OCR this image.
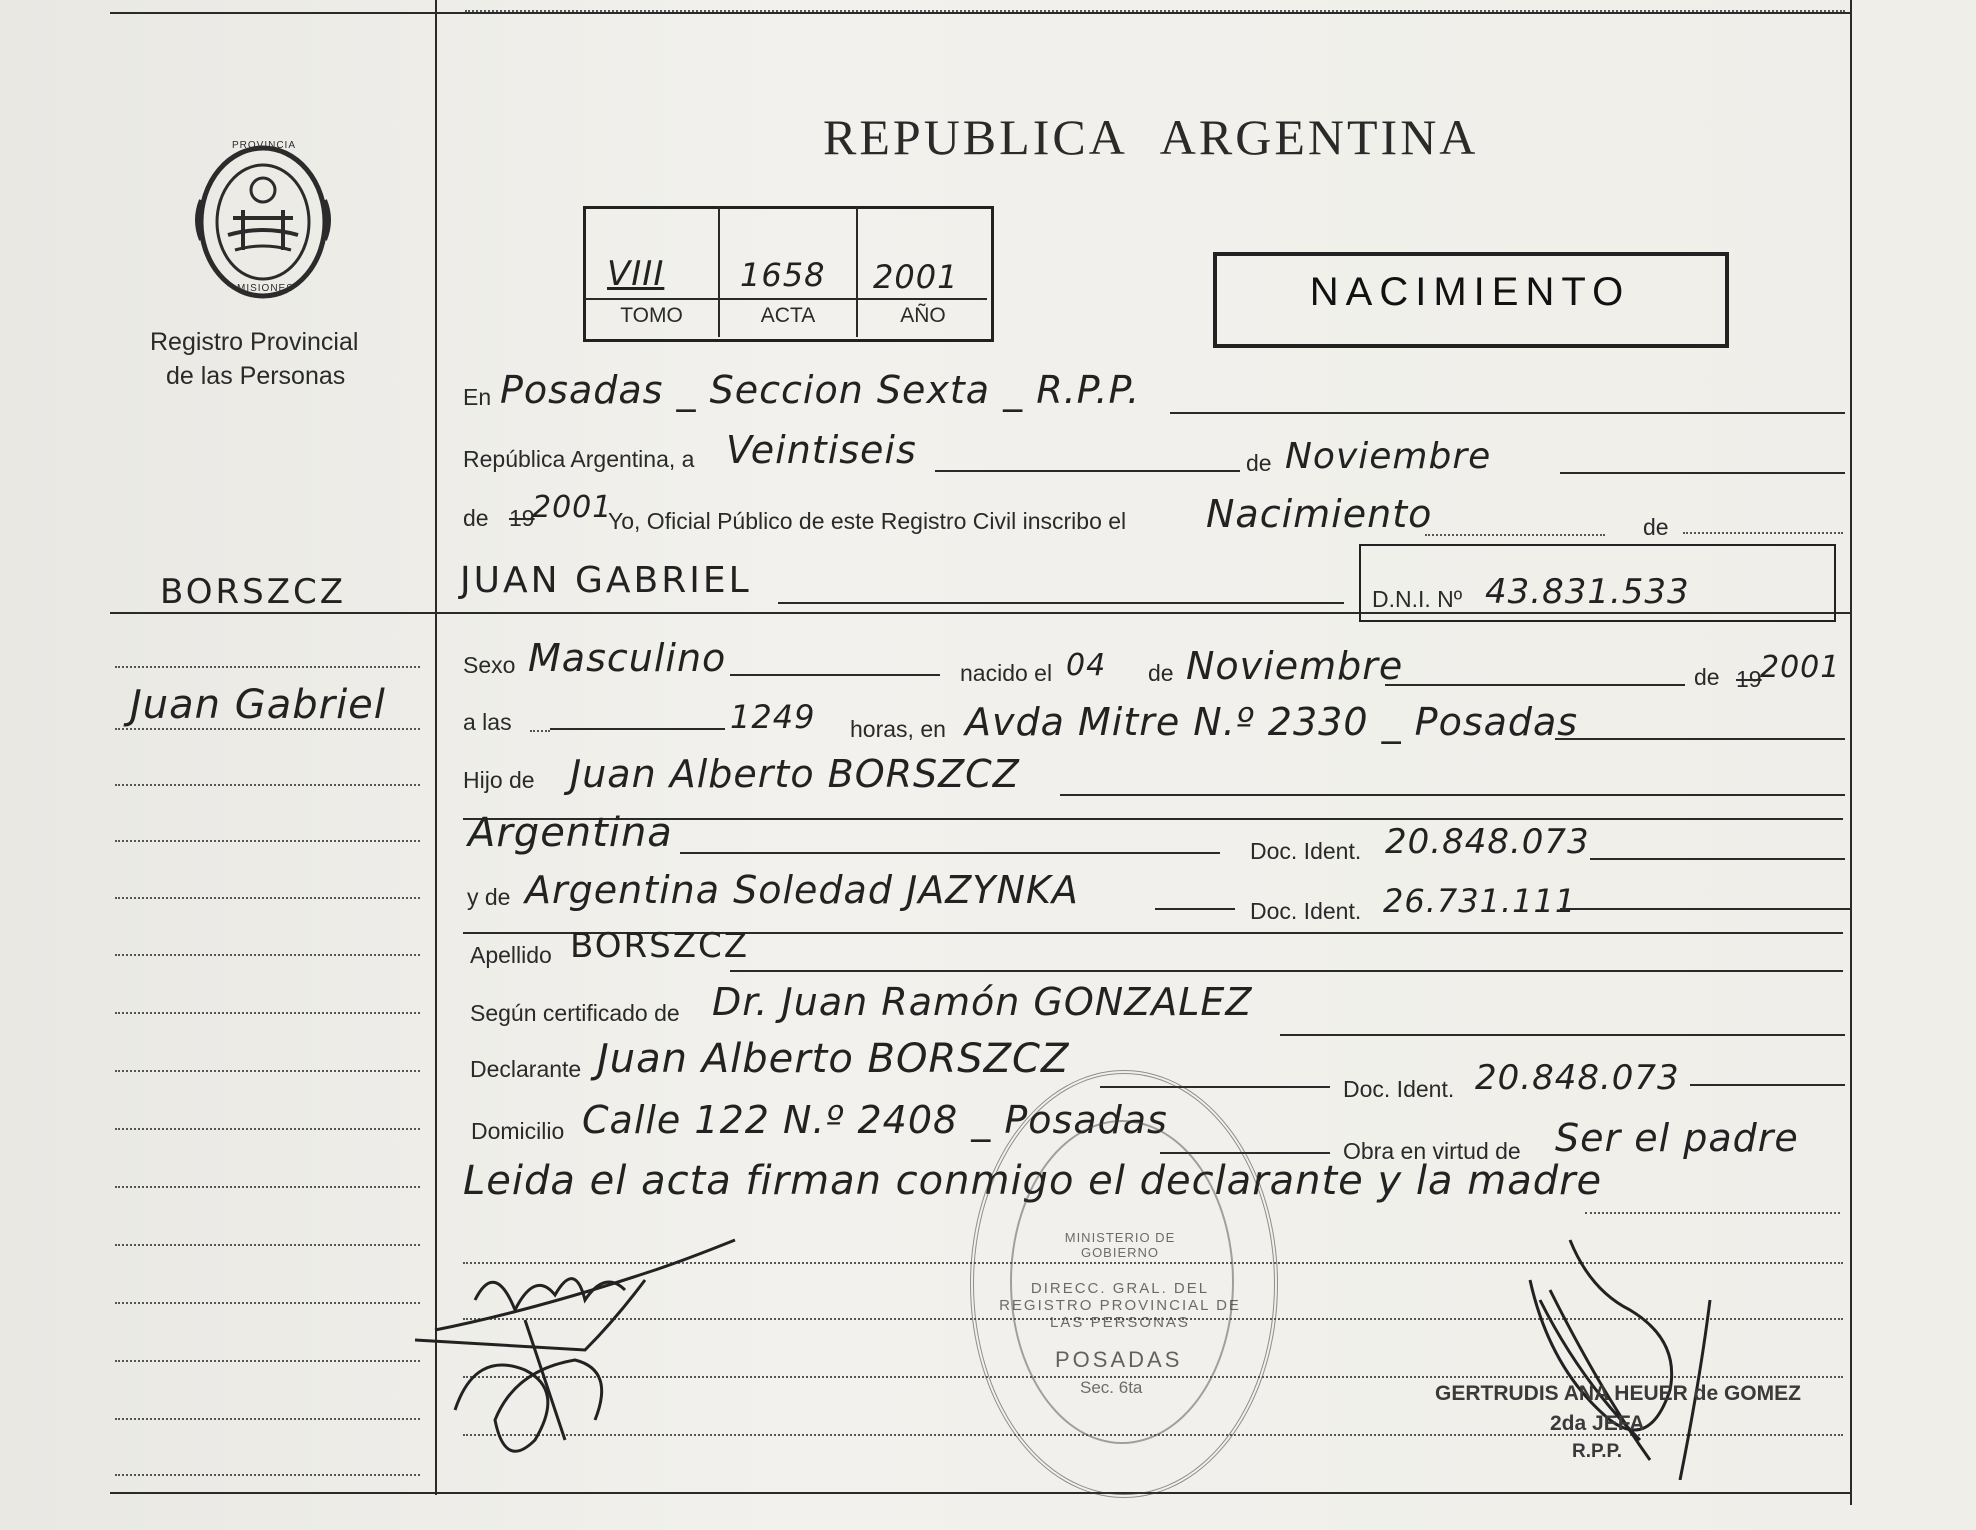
REPUBLICA ARGENTINA
PROVINCIA
MISIONES
Registro Provincial
de las Personas
VIII 1658 2001
TOMO	ACTA	AÑO
NACIMIENTO
BORSZCZ
Juan Gabriel
En Posadas _ Seccion Sexta _ R.P.P.
República Argentina, a Veintiseis	de Noviembre
de 19
2001
Yo, Oficial Público de este Registro Civil inscribo el Nacimiento	de
JUAN GABRIEL	D.N.I. Nº 43.831.533
Sexo Masculino	nacido el 04 de Noviembre	de 19
2001
a las	1249 horas, en Avda Mitre N.º 2330 _ Posadas
Hijo de Juan Alberto BORSZCZ
Argentina	Doc. Ident. 20.848.073
y de Argentina Soledad JAZYNKA	Doc. Ident. 26.731.111
Apellido BORSZCZ
Según certificado de Dr. Juan Ramón GONZALEZ
Declarante Juan Alberto BORSZCZ
Doc. Ident. 20.848.073
Domicilio Calle 122 N.º 2408 _ Posadas
Obra en virtud de Ser el padre
Leida el acta firman conmigo el declarante y la madre
DIRECC. GRAL. DEL REGISTRO PROVINCIAL DE LAS PERSONAS
MINISTERIO DE GOBIERNO
POSADAS
Sec. 6ta	GERTRUDIS ANA HEUER de GOMEZ
2da JEFA
R.P.P.
